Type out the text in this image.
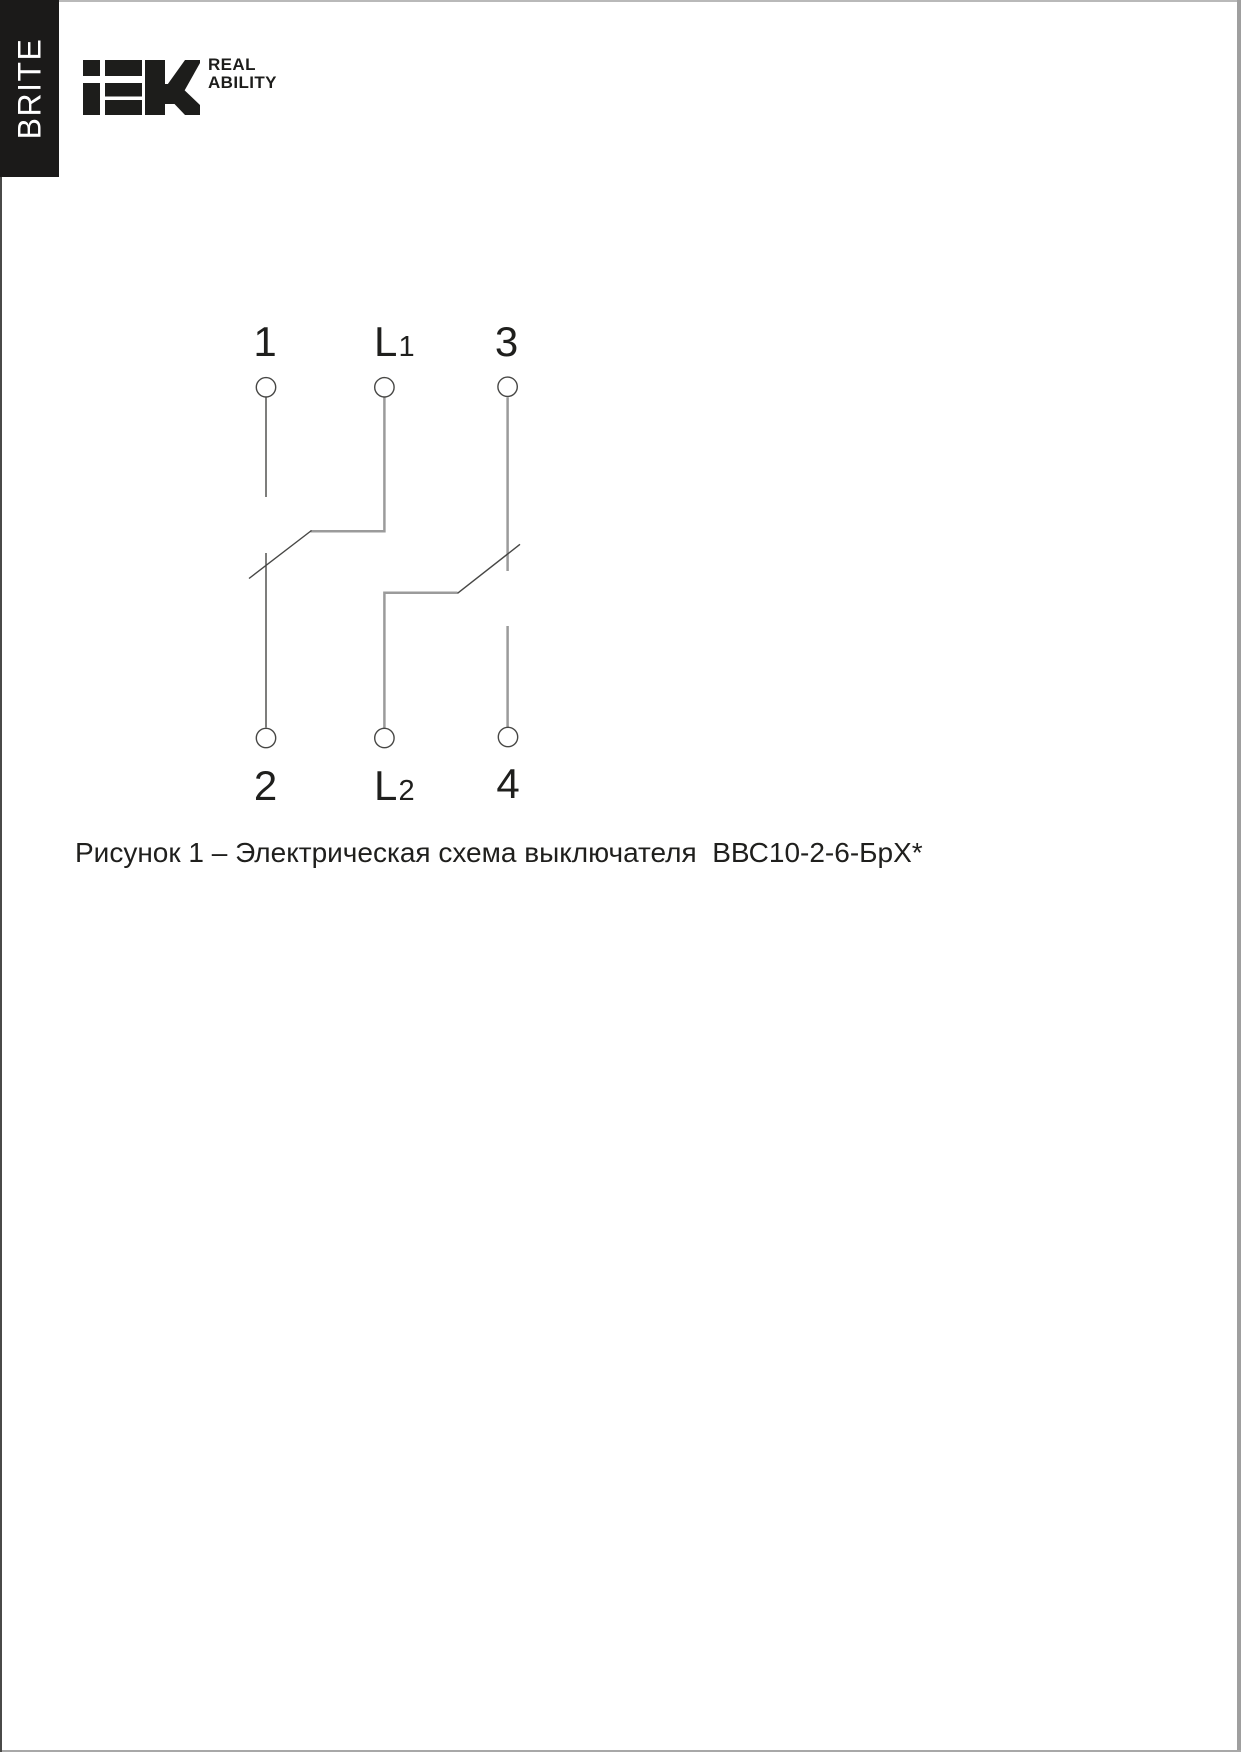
BRITE	REAL
ABILITY
1 L 1 3
2 L 2 4
Рисунок 1 – Электрическая схема выключателя  ВВС10-2-6-БрХ*
